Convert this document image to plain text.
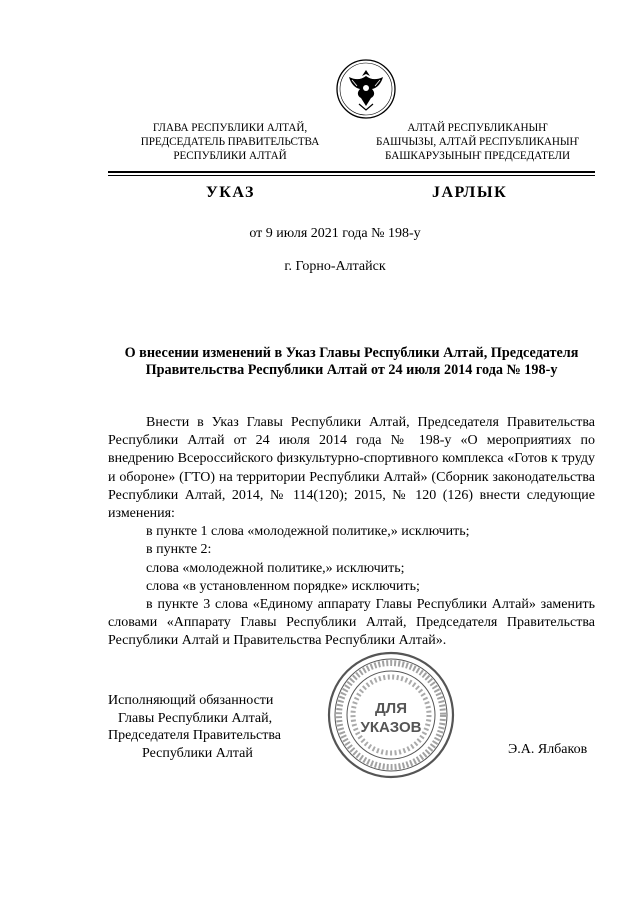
ГЛАВА РЕСПУБЛИКИ АЛТАЙ,
ПРЕДСЕДАТЕЛЬ ПРАВИТЕЛЬСТВА
РЕСПУБЛИКИ АЛТАЙ
АЛТАЙ РЕСПУБЛИКАНЫҤ
БАШЧЫЗЫ, АЛТАЙ РЕСПУБЛИКАНЫҤ
БАШКАРУЗЫНЫҤ ПРЕДСЕДАТЕЛИ
УКАЗ	ЈАРЛЫК
от 9 июля 2021 года № 198-у
г. Горно-Алтайск
О внесении изменений в Указ Главы Республики Алтай, Председателя
Правительства Республики Алтай от 24 июля 2014 года № 198-у

Внести в Указ Главы Республики Алтай, Председателя Правительства Республики Алтай от 24 июля 2014 года № 198-у «О мероприятиях по внедрению Всероссийского физкультурно-спортивного комплекса «Готов к труду и обороне» (ГТО) на территории Республики Алтай» (Сборник законодательства Республики Алтай, 2014, № 114(120); 2015, № 120 (126) внести следующие изменения:

в пункте 1 слова «молодежной политике,» исключить;

в пункте 2:

слова «молодежной политике,» исключить;

слова «в установленном порядке» исключить;

в пункте 3 слова «Единому аппарату Главы Республики Алтай» заменить словами «Аппарату Главы Республики Алтай, Председателя Правительства Республики Алтай и Правительства Республики Алтай».

Исполняющий обязанности
Главы Республики Алтай,
Председателя Правительства
Республики Алтай
ДЛЯ
УКАЗОВ
Э.А. Ялбаков
